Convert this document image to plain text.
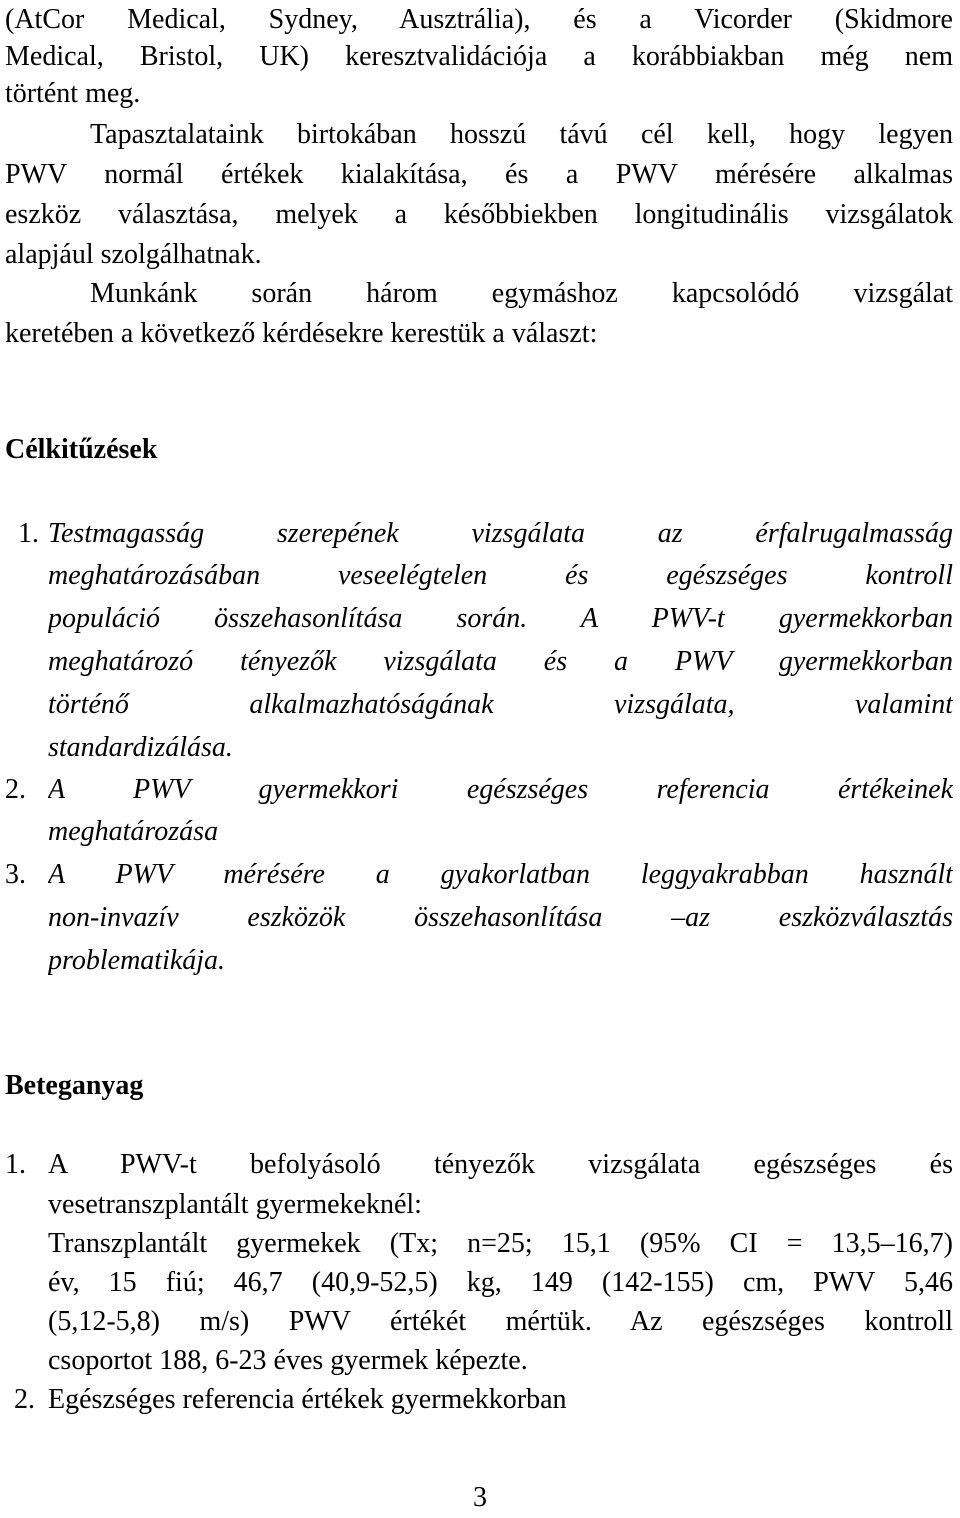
(AtCor Medical, Sydney, Ausztrália), és a Vicorder (Skidmore
Medical, Bristol, UK) keresztvalidációja a korábbiakban még nem
történt meg.
Tapasztalataink birtokában hosszú távú cél kell, hogy legyen
PWV normál értékek kialakítása, és a PWV mérésére alkalmas
eszköz választása, melyek a későbbiekben longitudinális vizsgálatok
alapjául szolgálhatnak.
Munkánk során három egymáshoz kapcsolódó vizsgálat
keretében a következő kérdésekre kerestük a választ:
Célkitűzések
1. Testmagasság szerepének vizsgálata az érfalrugalmasság
meghatározásában veseelégtelen és egészséges kontroll
populáció összehasonlítása során. A PWV-t gyermekkorban
meghatározó tényezők vizsgálata és a PWV gyermekkorban
történő alkalmazhatóságának vizsgálata, valamint
standardizálása.
2. A PWV gyermekkori egészséges referencia értékeinek
meghatározása
3. A PWV mérésére a gyakorlatban leggyakrabban használt
non-invazív eszközök összehasonlítása –az eszközválasztás
problematikája.
Beteganyag
1. A PWV-t befolyásoló tényezők vizsgálata egészséges és
vesetranszplantált gyermekeknél:
Transzplantált gyermekek (Tx; n=25; 15,1 (95% CI = 13,5–16,7)
év, 15 fiú; 46,7 (40,9-52,5) kg, 149 (142-155) cm, PWV 5,46
(5,12-5,8) m/s) PWV értékét mértük. Az egészséges kontroll
csoportot 188, 6-23 éves gyermek képezte.
2. Egészséges referencia értékek gyermekkorban
3
